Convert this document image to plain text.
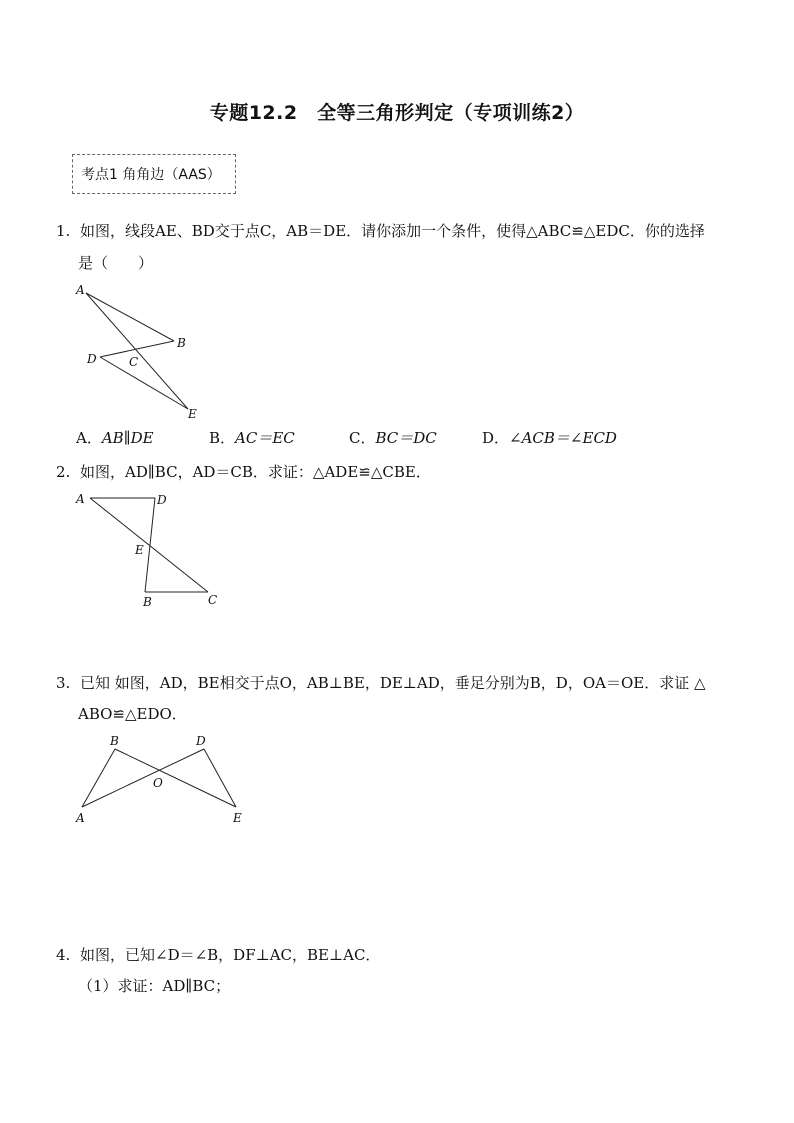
专题12.2　全等三角形判定（专项训练2）
考点1 角角边（AAS）
1. 如图，线段AE、BD交于点C，AB＝DE．请你添加一个条件，使得△ABC≌△EDC．你的选择
是（　　）
A
B
C
D
E
A．AB∥DE	B．AC＝EC	C．BC＝DC	D．∠ACB＝∠ECD
2. 如图，AD∥BC，AD＝CB．求证：△ADE≌△CBE．
A	D
E
B	C
3. 已知 如图，AD，BE相交于点O，AB⊥BE，DE⊥AD，垂足分别为B，D，OA＝OE．求证 △
ABO≌△EDO．
B	D
O
A	E
4. 如图，已知∠D＝∠B，DF⊥AC，BE⊥AC．
（1）求证：AD∥BC；
